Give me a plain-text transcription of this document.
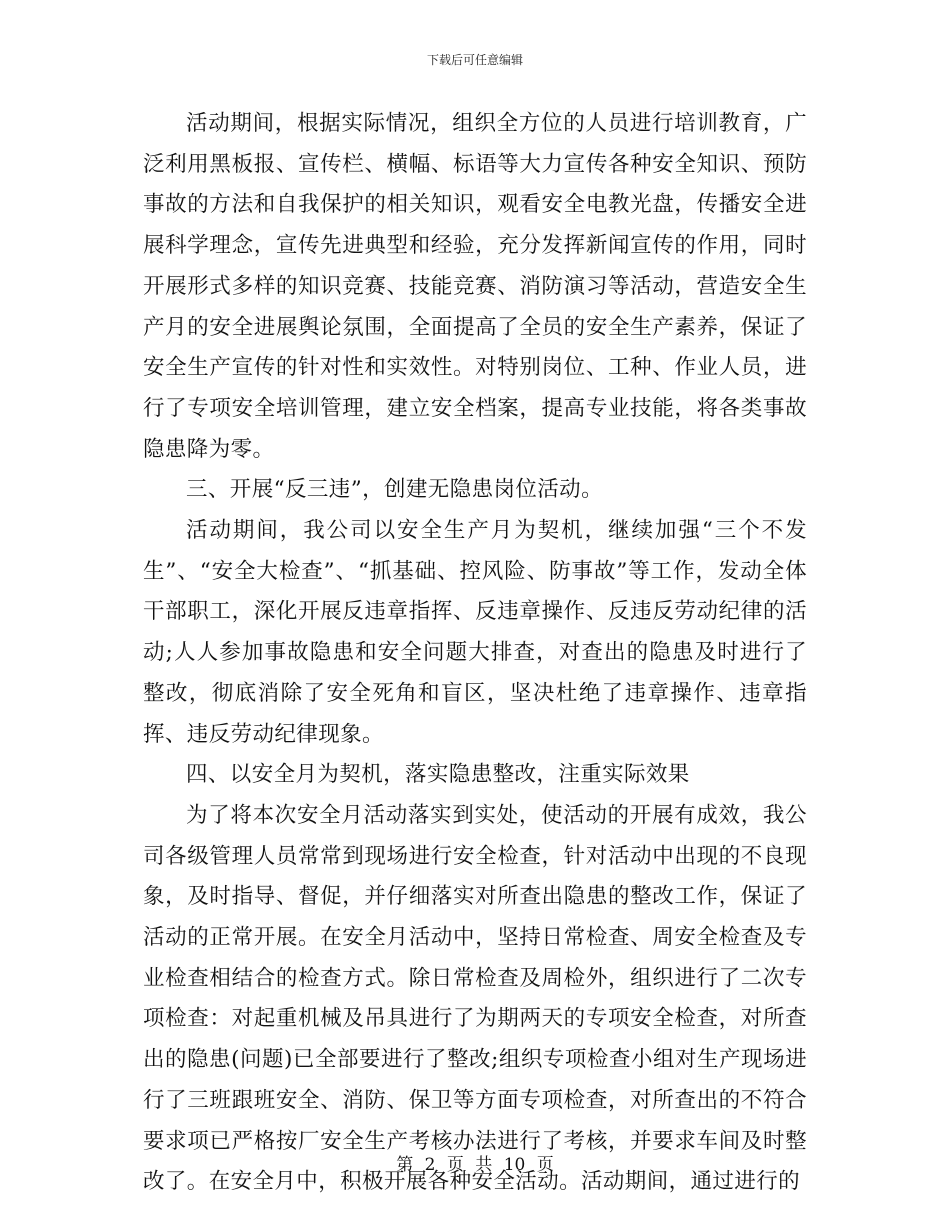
下载后可任意编辑

活动期间，根据实际情况，组织全方位的人员进行培训教育，广泛利用黑板报、宣传栏、横幅、标语等大力宣传各种安全知识、预防事故的方法和自我保护的相关知识，观看安全电教光盘，传播安全进展科学理念，宣传先进典型和经验，充分发挥新闻宣传的作用，同时开展形式多样的知识竞赛、技能竞赛、消防演习等活动，营造安全生产月的安全进展舆论氛围，全面提高了全员的安全生产素养，保证了安全生产宣传的针对性和实效性。对特别岗位、工种、作业人员，进行了专项安全培训管理，建立安全档案，提高专业技能，将各类事故隐患降为零。

三、开展“反三违”，创建无隐患岗位活动。

活动期间，我公司以安全生产月为契机，继续加强“三个不发生”、“安全大检查”、“抓基础、控风险、防事故”等工作，发动全体干部职工，深化开展反违章指挥、反违章操作、反违反劳动纪律的活动;人人参加事故隐患和安全问题大排查，对查出的隐患及时进行了整改，彻底消除了安全死角和盲区，坚决杜绝了违章操作、违章指挥、违反劳动纪律现象。

四、以安全月为契机，落实隐患整改，注重实际效果

为了将本次安全月活动落实到实处，使活动的开展有成效，我公司各级管理人员常常到现场进行安全检查，针对活动中出现的不良现象，及时指导、督促，并仔细落实对所查出隐患的整改工作，保证了活动的正常开展。在安全月活动中，坚持日常检查、周安全检查及专业检查相结合的检查方式。除日常检查及周检外，组织进行了二次专项检查：对起重机械及吊具进行了为期两天的专项安全检查，对所查出的隐患(问题)已全部要进行了整改;组织专项检查小组对生产现场进行了三班跟班安全、消防、保卫等方面专项检查，对所查出的不符合要求项已严格按厂安全生产考核办法进行了考核，并要求车间及时整改了。在安全月中，积极开展各种安全活动。活动期间，通过进行的

第 2 页 共 10 页
